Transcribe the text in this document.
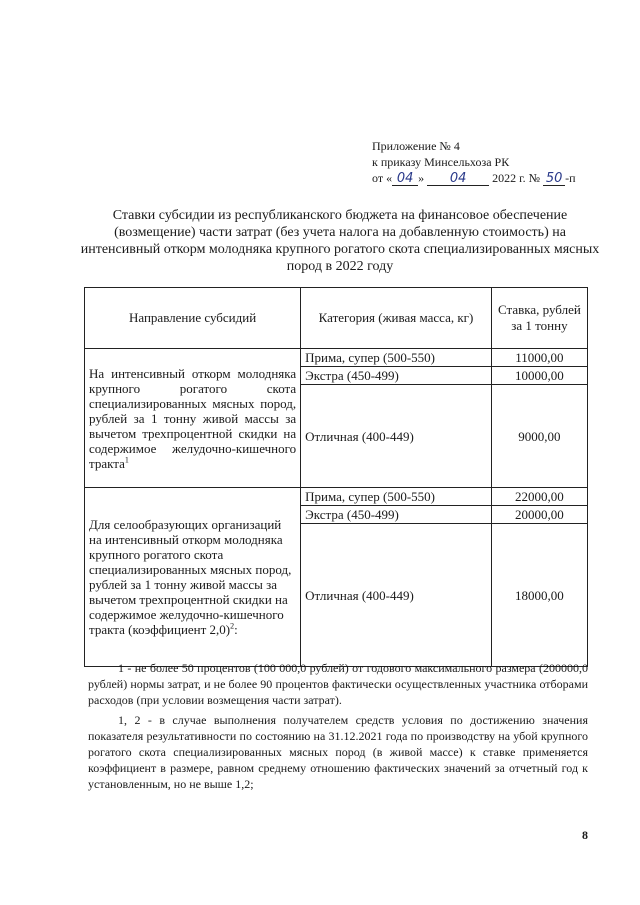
Приложение № 4
к приказу Минсельхоза РК
от « 04 » 04 2022 г. № 50 -п
Ставки субсидии из республиканского бюджета на финансовое обеспечение (возмещение) части затрат (без учета налога на добавленную стоимость) на интенсивный откорм молодняка крупного рогатого скота специализированных мясных пород в 2022 году
Направление субсидий	Категория (живая масса, кг)	Ставка, рублей за 1 тонну
На интенсивный откорм молодняка крупного рогатого скота специализированных мясных пород, рублей за 1 тонну живой массы за вычетом трехпроцентной скидки на содержимое желудочно-кишечного тракта$^1$	Прима, супер (500-550)	11000,00
	Экстра (450-499)	10000,00
	Отличная (400-449)	9000,00
Для селообразующих организаций на интенсивный откорм молодняка крупного рогатого скота специализированных мясных пород, рублей за 1 тонну живой массы за вычетом трехпроцентной скидки на содержимое желудочно-кишечного тракта (коэффициент 2,0)$^2$:	Прима, супер (500-550)	22000,00
	Экстра (450-499)	20000,00
	Отличная (400-449)	18000,00

1 - не более 50 процентов (100 000,0 рублей) от годового максимального размера (200000,0 рублей) нормы затрат, и не более 90 процентов фактически осуществленных участника отборами расходов (при условии возмещения части затрат).

1, 2 - в случае выполнения получателем средств условия по достижению значения показателя результативности по состоянию на 31.12.2021 года по производству на убой крупного рогатого скота специализированных мясных пород (в живой массе) к ставке применяется коэффициент в размере, равном среднему отношению фактических значений за отчетный год к установленным, но не выше 1,2;

8
